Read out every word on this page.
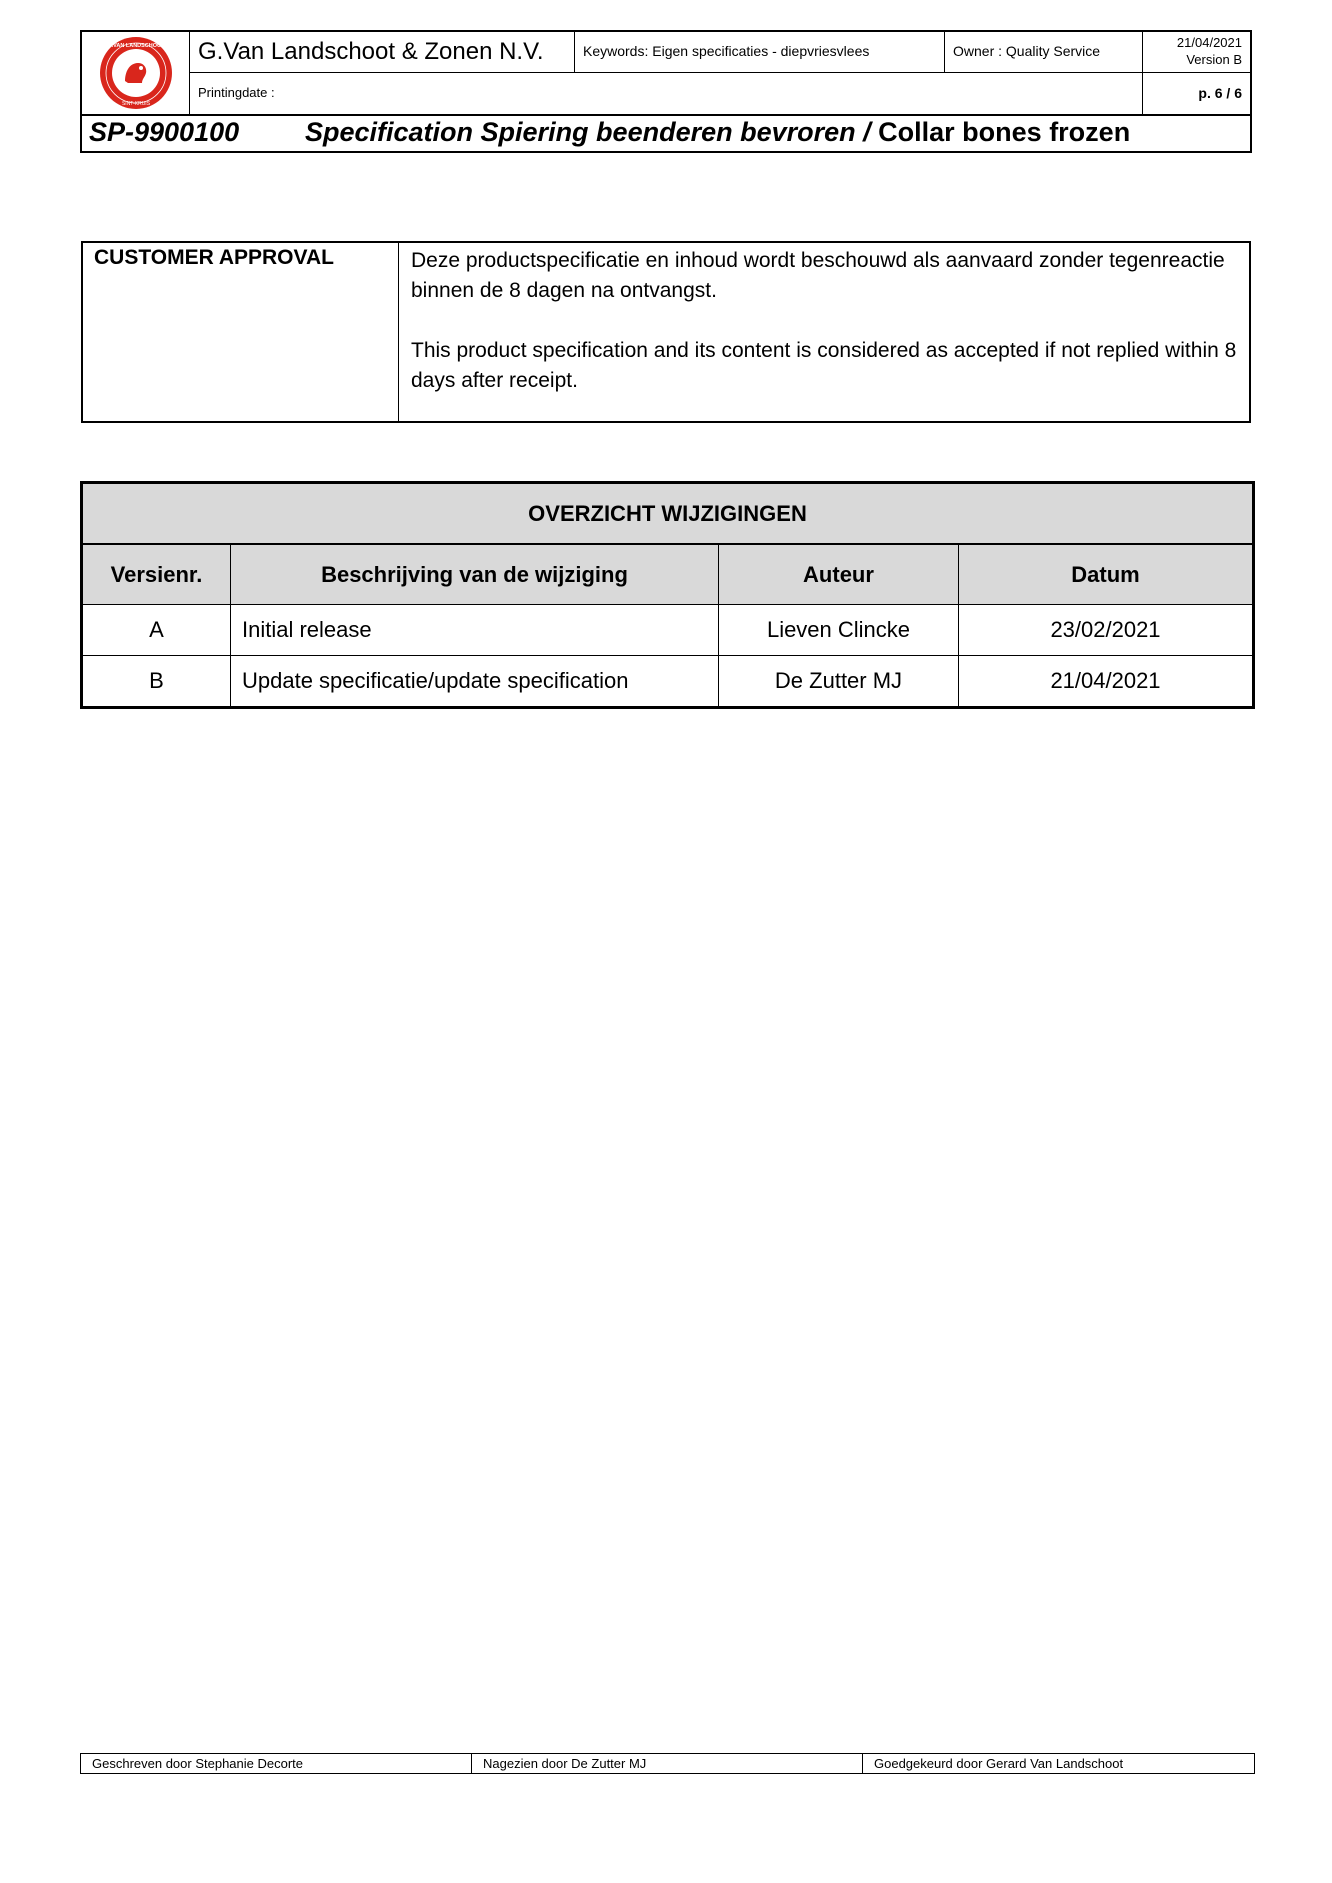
G.VAN LANDSCHOOT
SINT-KRUIS
G.Van Landschoot & Zonen N.V.	Keywords: Eigen specificaties - diepvriesvlees	Owner : Quality Service
21/04/2021
Version B
Printingdate :	p. 6 / 6
SP-9900100 Specification Spiering beenderen bevroren / Collar bones frozen
CUSTOMER APPROVAL	Deze productspecificatie en inhoud wordt beschouwd als aanvaard zonder tegenreactie binnen de 8 dagen na ontvangst.

This product specification and its content is considered as accepted if not replied within 8 days after receipt.

OVERZICHT WIJZIGINGEN			
Versienr.	Beschrijving van de wijziging	Auteur	Datum
A	Initial release	Lieven Clincke	23/02/2021
B	Update specificatie/update specification	De Zutter MJ	21/04/2021
Geschreven door Stephanie Decorte	Nagezien door De Zutter MJ	Goedgekeurd door Gerard Van Landschoot
